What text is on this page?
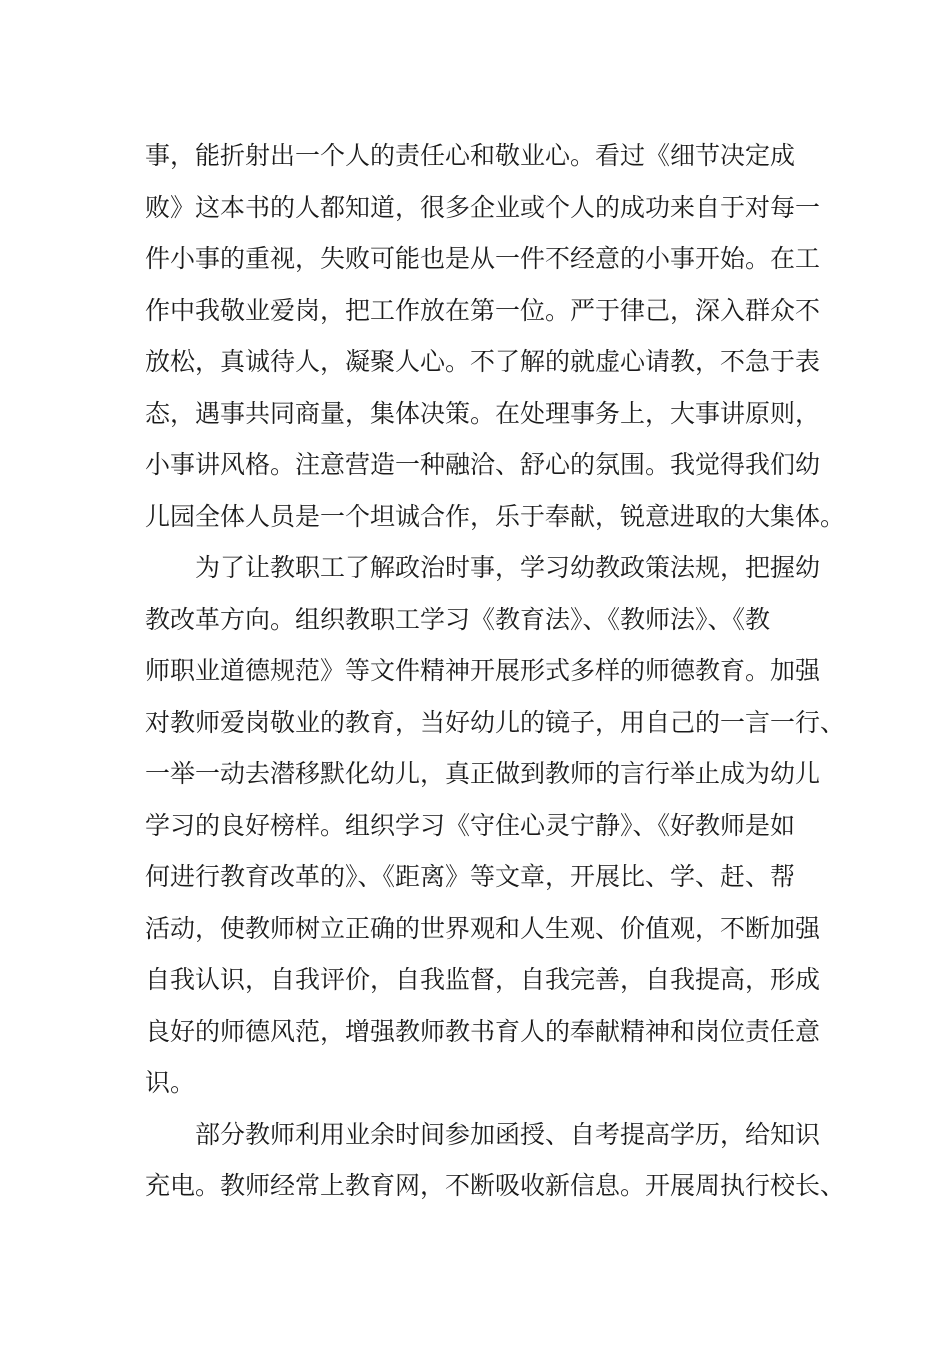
事，能折射出一个人的责任心和敬业心。看过《细节决定成
败》这本书的人都知道，很多企业或个人的成功来自于对每一
件小事的重视，失败可能也是从一件不经意的小事开始。在工
作中我敬业爱岗，把工作放在第一位。严于律己，深入群众不
放松，真诚待人，凝聚人心。不了解的就虚心请教，不急于表
态，遇事共同商量，集体决策。在处理事务上，大事讲原则，
小事讲风格。注意营造一种融洽、舒心的氛围。我觉得我们幼
儿园全体人员是一个坦诚合作，乐于奉献，锐意进取的大集体。
为了让教职工了解政治时事，学习幼教政策法规，把握幼
教改革方向。组织教职工学习《教育法》、《教师法》、《教
师职业道德规范》等文件精神开展形式多样的师德教育。加强
对教师爱岗敬业的教育，当好幼儿的镜子，用自己的一言一行、
一举一动去潜移默化幼儿，真正做到教师的言行举止成为幼儿
学习的良好榜样。组织学习《守住心灵宁静》、《好教师是如
何进行教育改革的》、《距离》等文章，开展比、学、赶、帮
活动，使教师树立正确的世界观和人生观、价值观，不断加强
自我认识，自我评价，自我监督，自我完善，自我提高，形成
良好的师德风范，增强教师教书育人的奉献精神和岗位责任意
识。
部分教师利用业余时间参加函授、自考提高学历，给知识
充电。教师经常上教育网，不断吸收新信息。开展周执行校长、
